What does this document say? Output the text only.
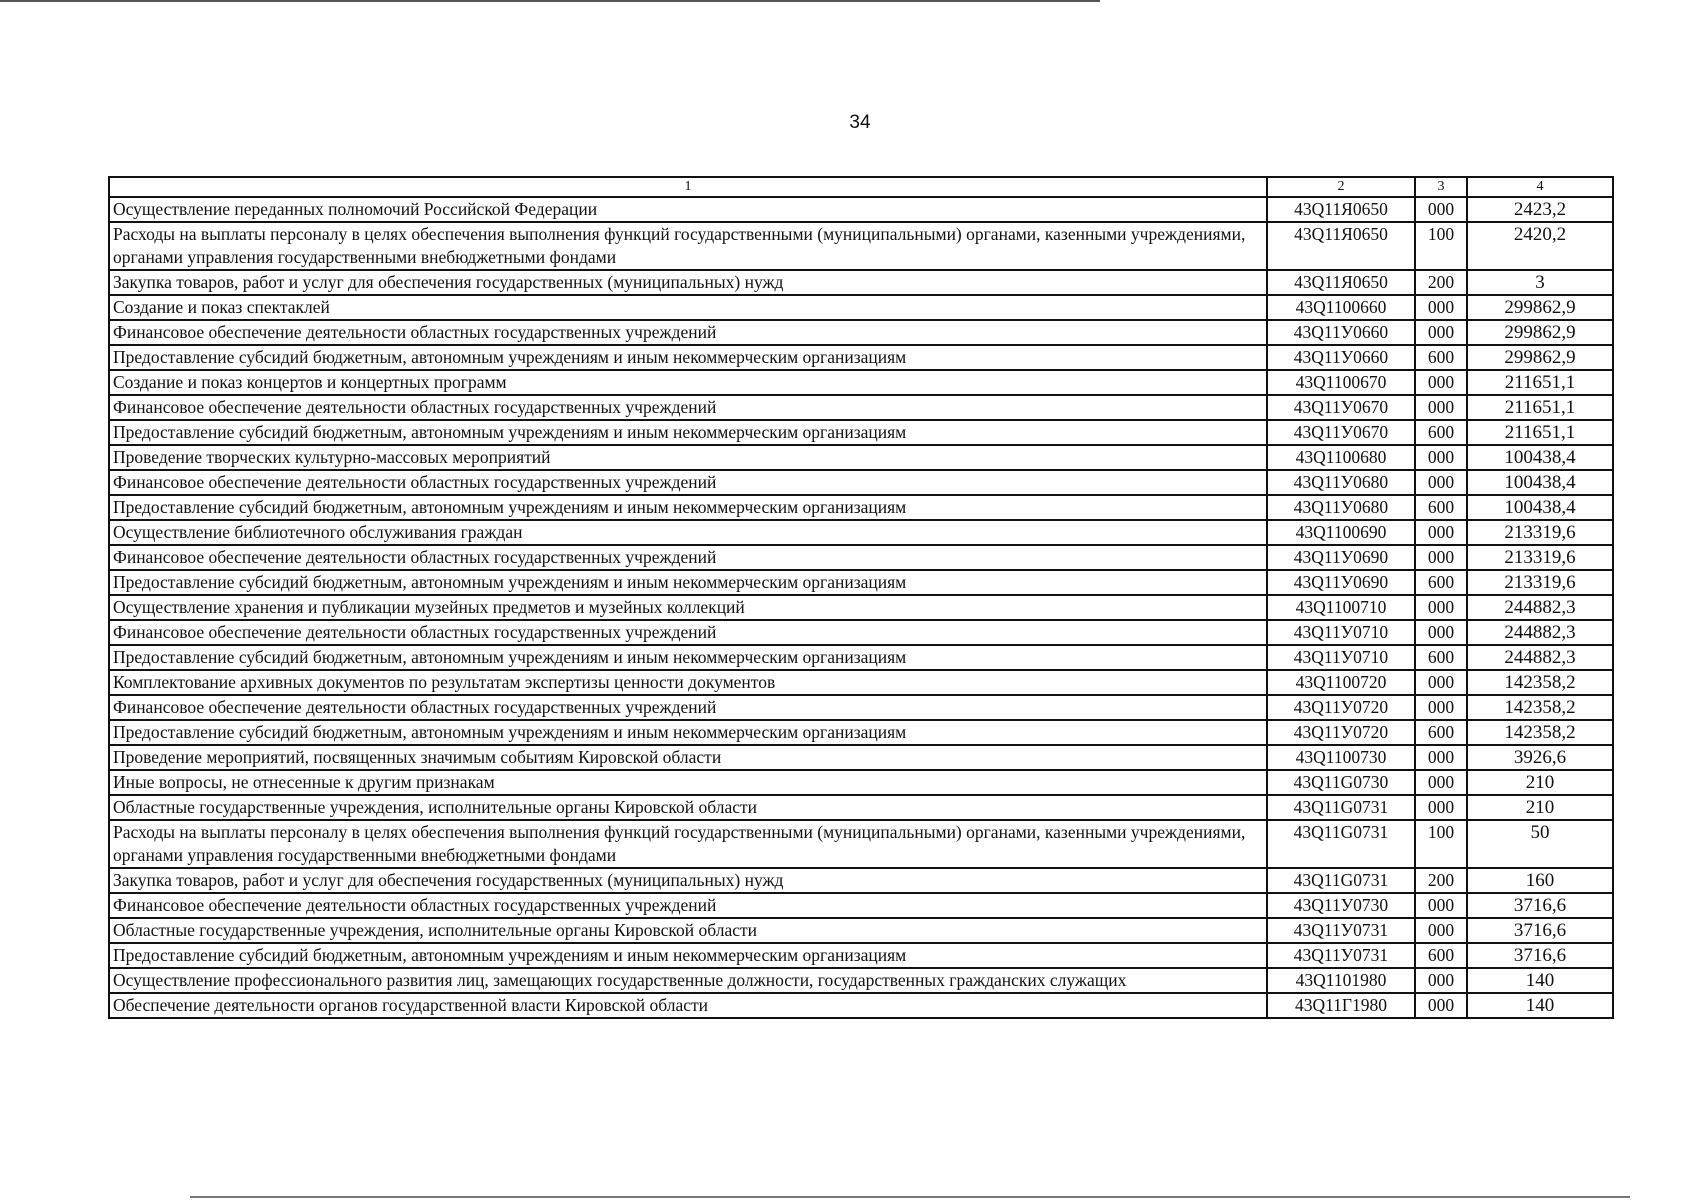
34
1	2	3	4
Осуществление переданных полномочий Российской Федерации	43Q11Я0650	000	2423,2
Расходы на выплаты персоналу в целях обеспечения выполнения функций государственными (муниципальными) органами, казенными учреждениями, органами управления государственными внебюджетными фондами	43Q11Я0650	100	2420,2
Закупка товаров, работ и услуг для обеспечения государственных (муниципальных) нужд	43Q11Я0650	200	3
Создание и показ спектаклей	43Q1100660	000	299862,9
Финансовое обеспечение деятельности областных государственных учреждений	43Q11У0660	000	299862,9
Предоставление субсидий бюджетным, автономным учреждениям и иным некоммерческим организациям	43Q11У0660	600	299862,9
Создание и показ концертов и концертных программ	43Q1100670	000	211651,1
Финансовое обеспечение деятельности областных государственных учреждений	43Q11У0670	000	211651,1
Предоставление субсидий бюджетным, автономным учреждениям и иным некоммерческим организациям	43Q11У0670	600	211651,1
Проведение творческих культурно-массовых мероприятий	43Q1100680	000	100438,4
Финансовое обеспечение деятельности областных государственных учреждений	43Q11У0680	000	100438,4
Предоставление субсидий бюджетным, автономным учреждениям и иным некоммерческим организациям	43Q11У0680	600	100438,4
Осуществление библиотечного обслуживания граждан	43Q1100690	000	213319,6
Финансовое обеспечение деятельности областных государственных учреждений	43Q11У0690	000	213319,6
Предоставление субсидий бюджетным, автономным учреждениям и иным некоммерческим организациям	43Q11У0690	600	213319,6
Осуществление хранения и публикации музейных предметов и музейных коллекций	43Q1100710	000	244882,3
Финансовое обеспечение деятельности областных государственных учреждений	43Q11У0710	000	244882,3
Предоставление субсидий бюджетным, автономным учреждениям и иным некоммерческим организациям	43Q11У0710	600	244882,3
Комплектование архивных документов по результатам экспертизы ценности документов	43Q1100720	000	142358,2
Финансовое обеспечение деятельности областных государственных учреждений	43Q11У0720	000	142358,2
Предоставление субсидий бюджетным, автономным учреждениям и иным некоммерческим организациям	43Q11У0720	600	142358,2
Проведение мероприятий, посвященных значимым событиям Кировской области	43Q1100730	000	3926,6
Иные вопросы, не отнесенные к другим признакам	43Q11G0730	000	210
Областные государственные учреждения, исполнительные органы Кировской области	43Q11G0731	000	210
Расходы на выплаты персоналу в целях обеспечения выполнения функций государственными (муниципальными) органами, казенными учреждениями, органами управления государственными внебюджетными фондами	43Q11G0731	100	50
Закупка товаров, работ и услуг для обеспечения государственных (муниципальных) нужд	43Q11G0731	200	160
Финансовое обеспечение деятельности областных государственных учреждений	43Q11У0730	000	3716,6
Областные государственные учреждения, исполнительные органы Кировской области	43Q11У0731	000	3716,6
Предоставление субсидий бюджетным, автономным учреждениям и иным некоммерческим организациям	43Q11У0731	600	3716,6
Осуществление профессионального развития лиц, замещающих государственные должности, государственных гражданских служащих	43Q1101980	000	140
Обеспечение деятельности органов государственной власти Кировской области	43Q11Г1980	000	140
